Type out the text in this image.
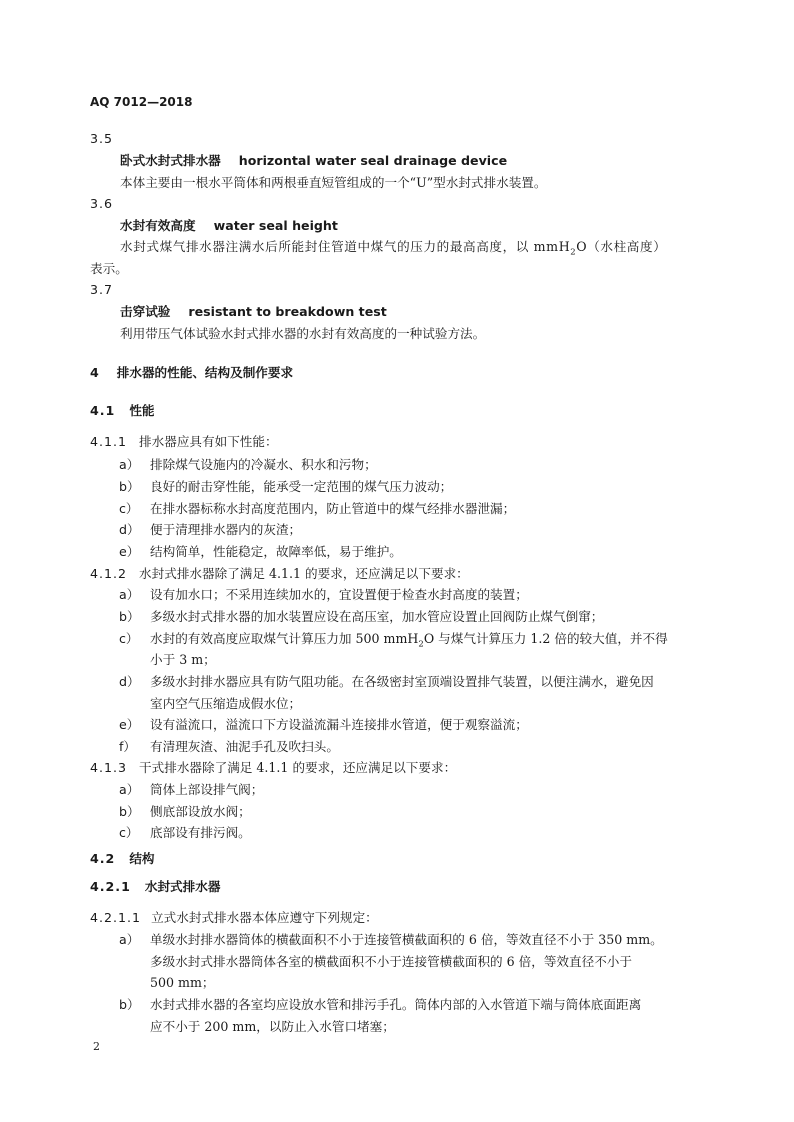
AQ 7012—2018
3.5
卧式水封式排水器 horizontal water seal drainage device
本体主要由一根水平筒体和两根垂直短管组成的一个“U”型水封式排水装置。
3.6
水封有效高度 water seal height
水封式煤气排水器注满水后所能封住管道中煤气的压力的最高高度，以 mmH$_2$O（水柱高度）
表示。
3.7
击穿试验 resistant to breakdown test
利用带压气体试验水封式排水器的水封有效高度的一种试验方法。
4 排水器的性能、结构及制作要求
4.1 性能
4.1.1 排水器应具有如下性能：
a） 排除煤气设施内的冷凝水、积水和污物；
b） 良好的耐击穿性能，能承受一定范围的煤气压力波动；
c） 在排水器标称水封高度范围内，防止管道中的煤气经排水器泄漏；
d） 便于清理排水器内的灰渣；
e） 结构简单，性能稳定，故障率低，易于维护。
4.1.2 水封式排水器除了满足 4.1.1 的要求，还应满足以下要求：
a） 设有加水口；不采用连续加水的，宜设置便于检查水封高度的装置；
b） 多级水封式排水器的加水装置应设在高压室，加水管应设置止回阀防止煤气倒窜；
c） 水封的有效高度应取煤气计算压力加 500 mmH$_2$O 与煤气计算压力 1.2 倍的较大值，并不得
小于 3 m；
d） 多级水封排水器应具有防气阻功能。在各级密封室顶端设置排气装置，以便注满水，避免因
室内空气压缩造成假水位；
e） 设有溢流口，溢流口下方设溢流漏斗连接排水管道，便于观察溢流；
f） 有清理灰渣、油泥手孔及吹扫头。
4.1.3 干式排水器除了满足 4.1.1 的要求，还应满足以下要求：
a） 筒体上部设排气阀；
b） 侧底部设放水阀；
c） 底部设有排污阀。
4.2 结构
4.2.1 水封式排水器
4.2.1.1 立式水封式排水器本体应遵守下列规定：
a） 单级水封排水器筒体的横截面积不小于连接管横截面积的 6 倍，等效直径不小于 350 mm。
多级水封式排水器筒体各室的横截面积不小于连接管横截面积的 6 倍，等效直径不小于
500 mm；
b） 水封式排水器的各室均应设放水管和排污手孔。筒体内部的入水管道下端与筒体底面距离
应不小于 200 mm，以防止入水管口堵塞；
2
